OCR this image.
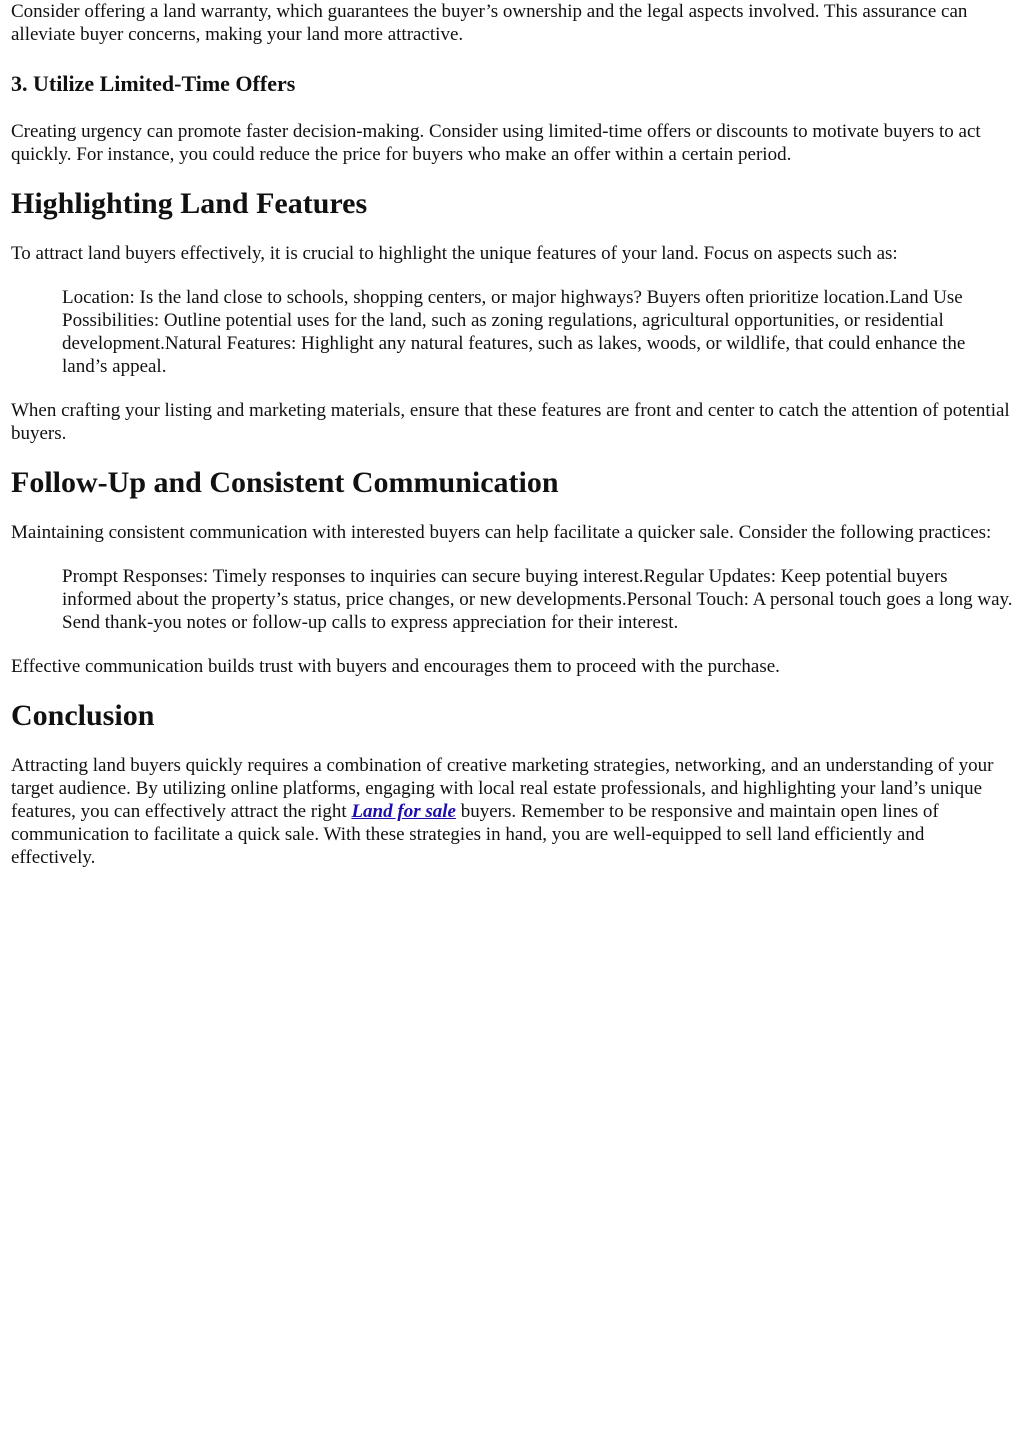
Consider offering a land warranty, which guarantees the buyer’s ownership and the legal aspects involved. This assurance can alleviate buyer concerns, making your land more attractive.

3. Utilize Limited-Time Offers

Creating urgency can promote faster decision-making. Consider using limited-time offers or discounts to motivate buyers to act quickly. For instance, you could reduce the price for buyers who make an offer within a certain period.

Highlighting Land Features

To attract land buyers effectively, it is crucial to highlight the unique features of your land. Focus on aspects such as:

Location: Is the land close to schools, shopping centers, or major highways? Buyers often prioritize location.Land Use Possibilities: Outline potential uses for the land, such as zoning regulations, agricultural opportunities, or residential development.Natural Features: Highlight any natural features, such as lakes, woods, or wildlife, that could enhance the land’s appeal.

When crafting your listing and marketing materials, ensure that these features are front and center to catch the attention of potential buyers.

Follow-Up and Consistent Communication

Maintaining consistent communication with interested buyers can help facilitate a quicker sale. Consider the following practices:

Prompt Responses: Timely responses to inquiries can secure buying interest.Regular Updates: Keep potential buyers informed about the property’s status, price changes, or new developments.Personal Touch: A personal touch goes a long way. Send thank-you notes or follow-up calls to express appreciation for their interest.

Effective communication builds trust with buyers and encourages them to proceed with the purchase.

Conclusion

Attracting land buyers quickly requires a combination of creative marketing strategies, networking, and an understanding of your target audience. By utilizing online platforms, engaging with local real estate professionals, and highlighting your land’s unique features, you can effectively attract the right Land for sale buyers. Remember to be responsive and maintain open lines of communication to facilitate a quick sale. With these strategies in hand, you are well-equipped to sell land efficiently and effectively.
